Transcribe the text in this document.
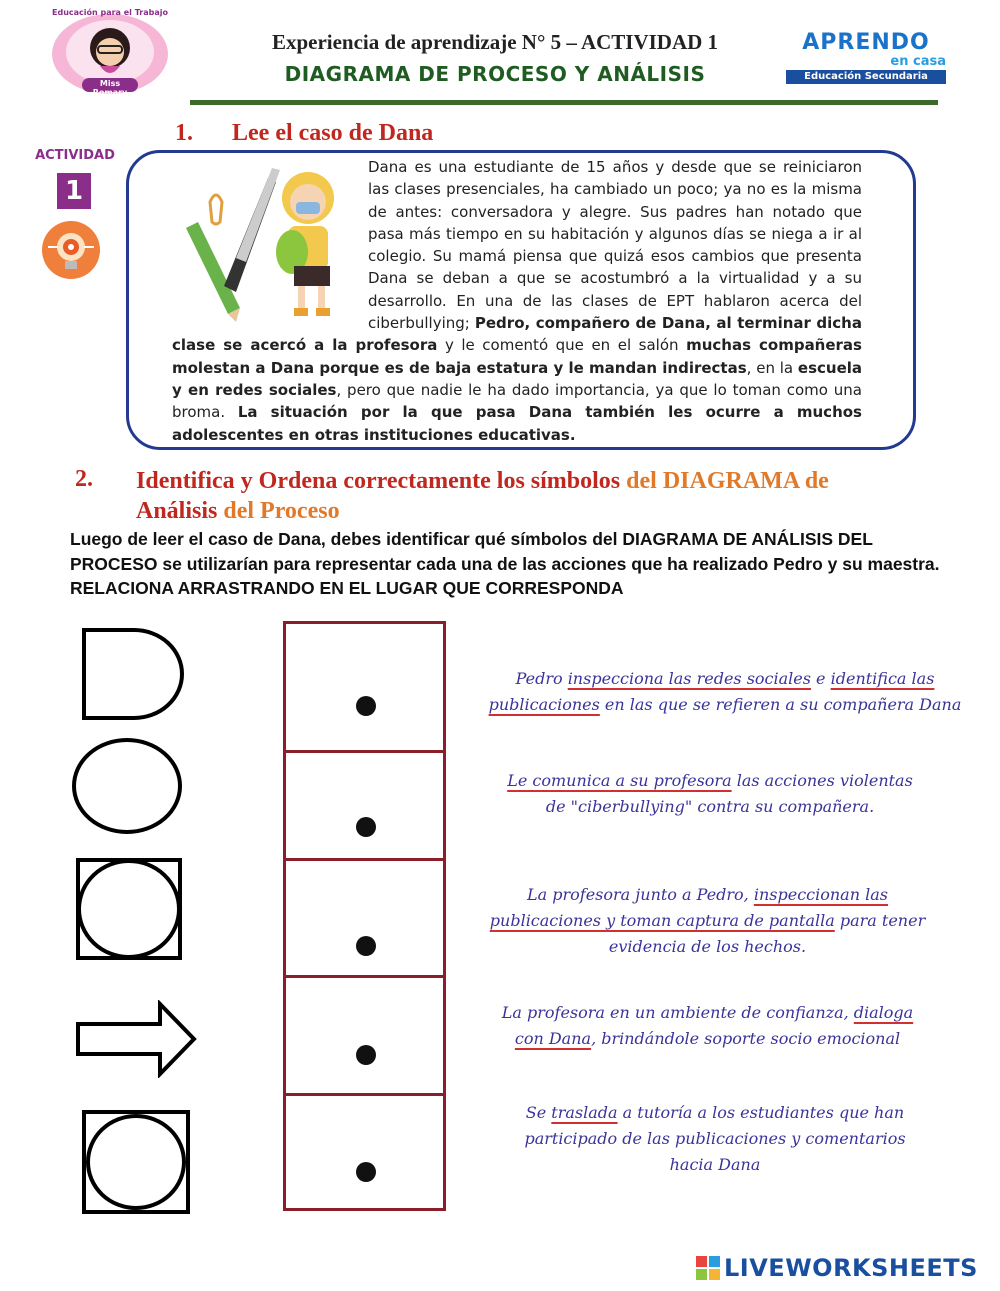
Miss Romary
Educación para el Trabajo
Experiencia de aprendizaje N° 5 – ACTIVIDAD 1
DIAGRAMA DE PROCESO Y ANÁLISIS
APRENDO
en casa
Educación Secundaria
ACTIVIDAD
1
1. Lee el caso de Dana
Dana es una estudiante de 15 años y desde que se reiniciaron las clases presenciales, ha cambiado un poco; ya no es la misma de antes: conversadora y alegre. Sus padres han notado que pasa más tiempo en su habitación y algunos días se niega a ir al colegio. Su mamá piensa que quizá esos cambios que presenta Dana se deban a que se acostumbró a la virtualidad y a su desarrollo. En una de las clases de EPT hablaron acerca del ciberbullying; Pedro, compañero de Dana, al terminar dicha clase se acercó a la profesora y le comentó que en el salón muchas compañeras molestan a Dana porque es de baja estatura y le mandan indirectas, en la escuela y en redes sociales, pero que nadie le ha dado importancia, ya que lo toman como una broma. La situación por la que pasa Dana también les ocurre a muchos adolescentes en otras instituciones educativas.
2. Identifica y Ordena correctamente los símbolos del DIAGRAMA de
Análisis del Proceso
Luego de leer el caso de Dana, debes identificar qué símbolos del DIAGRAMA DE ANÁLISIS DEL PROCESO se utilizarían para representar cada una de las acciones que ha realizado Pedro y su maestra. RELACIONA ARRASTRANDO EN EL LUGAR QUE CORRESPONDA
Pedro inspecciona las redes sociales e identifica las publicaciones en las que se refieren a su compañera Dana
Le comunica a su profesora las acciones violentas de "ciberbullying" contra su compañera.
La profesora junto a Pedro, inspeccionan las publicaciones y toman captura de pantalla para tener evidencia de los hechos.
La profesora en un ambiente de confianza, dialoga con Dana, brindándole soporte socio emocional
Se traslada a tutoría a los estudiantes que han participado de las publicaciones y comentarios hacia Dana
LIVEWORKSHEETS
